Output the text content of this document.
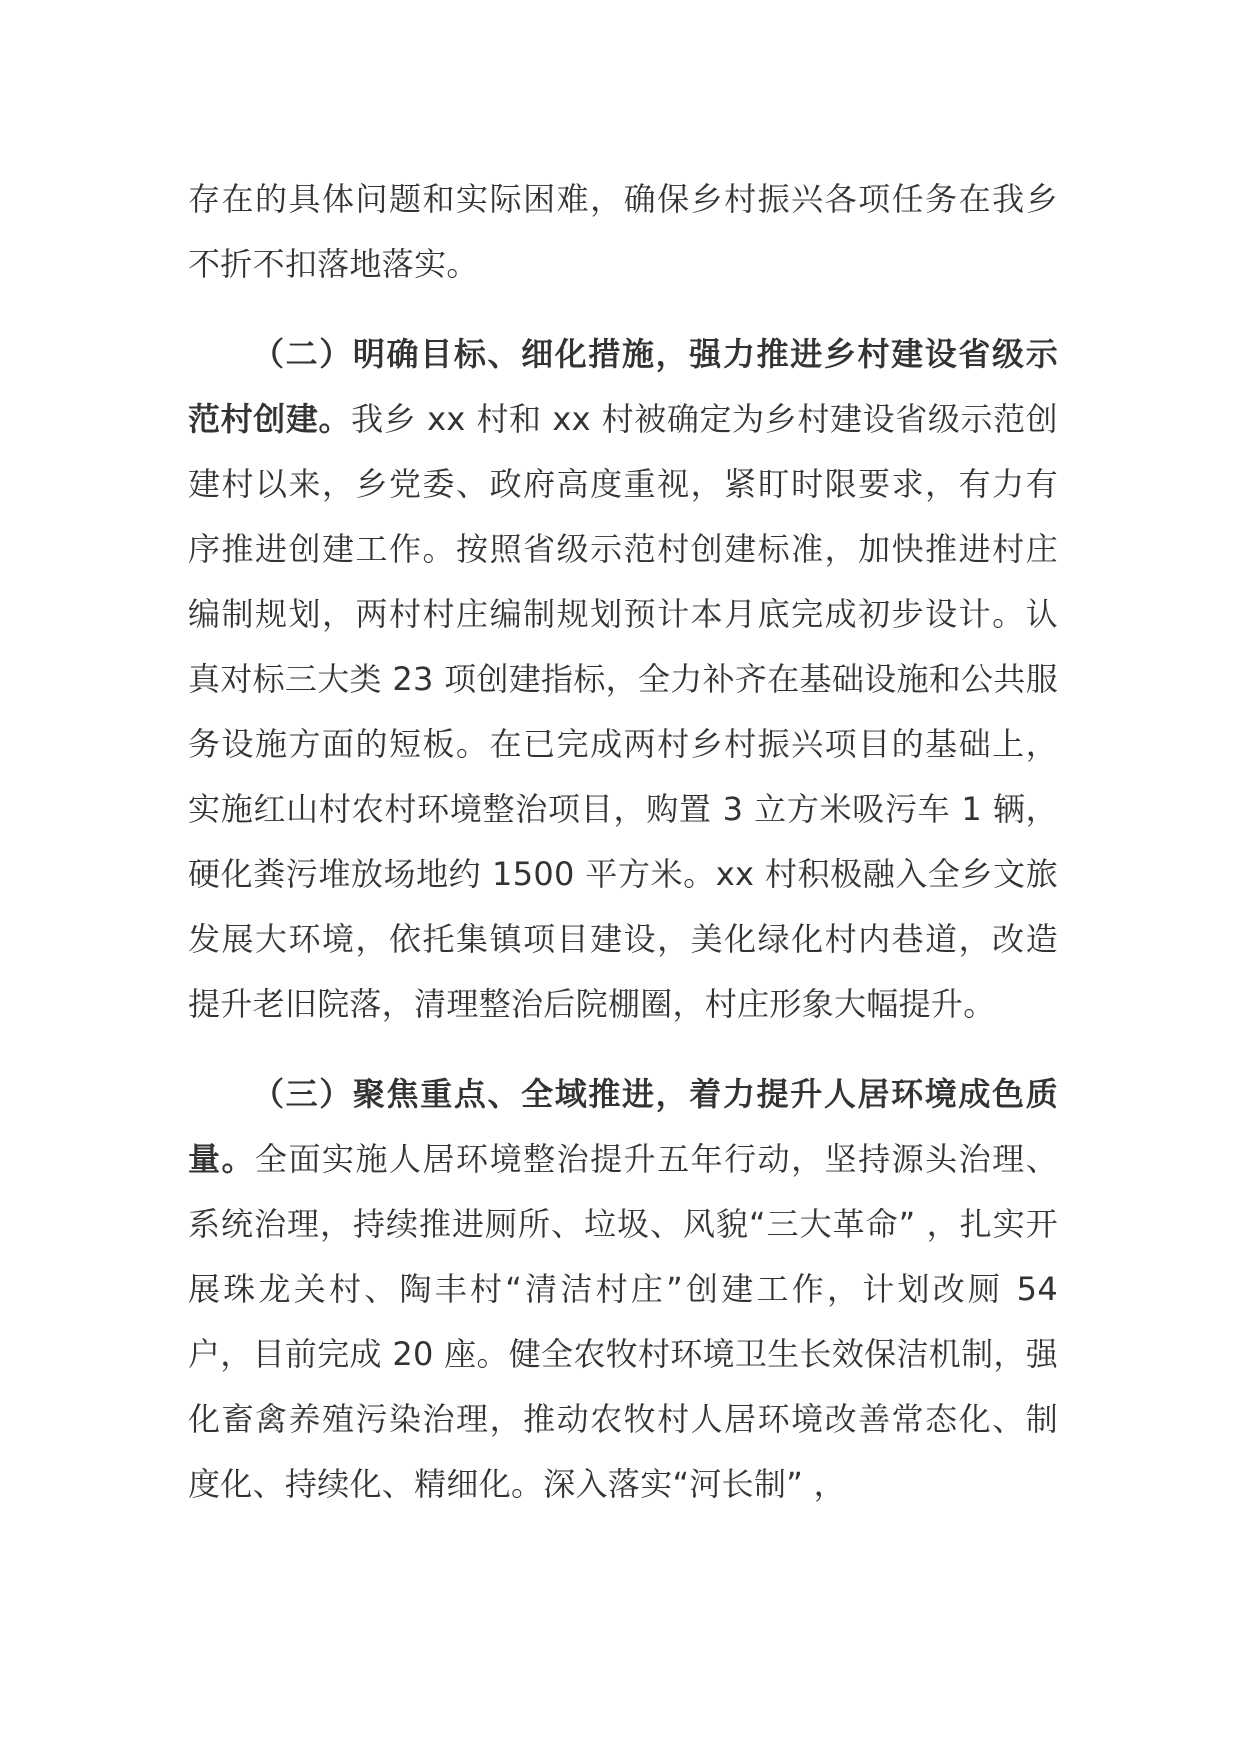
存在的具体问题和实际困难，确保乡村振兴各项任务在我乡不折不扣落地落实。

（二）明确目标、细化措施，强力推进乡村建设省级示范村创建。我乡 xx 村和 xx 村被确定为乡村建设省级示范创建村以来，乡党委、政府高度重视，紧盯时限要求，有力有序推进创建工作。按照省级示范村创建标准，加快推进村庄编制规划，两村村庄编制规划预计本月底完成初步设计。认真对标三大类 23 项创建指标，全力补齐在基础设施和公共服务设施方面的短板。在已完成两村乡村振兴项目的基础上，实施红山村农村环境整治项目，购置 3 立方米吸污车 1 辆，硬化粪污堆放场地约 1500 平方米。xx 村积极融入全乡文旅发展大环境，依托集镇项目建设，美化绿化村内巷道，改造提升老旧院落，清理整治后院棚圈，村庄形象大幅提升。

（三）聚焦重点、全域推进，着力提升人居环境成色质量。全面实施人居环境整治提升五年行动，坚持源头治理、系统治理，持续推进厕所、垃圾、风貌“三大革命” ，扎实开展珠龙关村、陶丰村“清洁村庄”创建工作，计划改厕 54 户，目前完成 20 座。健全农牧村环境卫生长效保洁机制，强化畜禽养殖污染治理，推动农牧村人居环境改善常态化、制度化、持续化、精细化。深入落实“河长制” ，
